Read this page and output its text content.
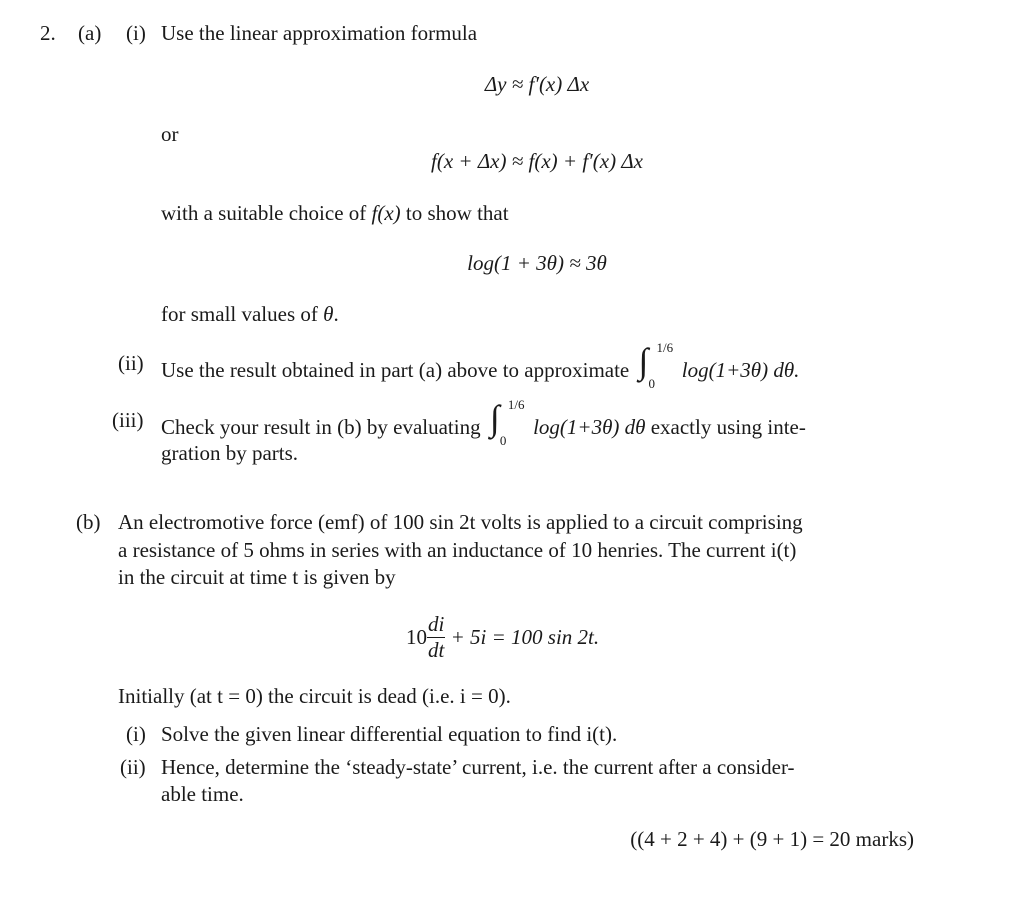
2. (a) (i) Use the linear approximation formula
Δy ≈ f′(x) Δx
or
f(x + Δx) ≈ f(x) + f′(x) Δx
with a suitable choice of f(x) to show that
log(1 + 3θ) ≈ 3θ
for small values of θ.
(ii) Use the result obtained in part (a) above to approximate ∫ 1/6
0
log(1+3θ) dθ.
(iii) Check your result in (b) by evaluating ∫ 1/6
0
log(1+3θ) dθ exactly using inte-
gration by parts.
(b) An electromotive force (emf) of 100 sin 2t volts is applied to a circuit comprising
a resistance of 5 ohms in series with an inductance of 10 henries. The current i(t)
in the circuit at time t is given by
$10 \frac{di}{dt} + 5i = 100$ sin 2t.
Initially (at t = 0) the circuit is dead (i.e. i = 0).
(i) Solve the given linear differential equation to find i(t).
(ii) Hence, determine the ‘steady-state’ current, i.e. the current after a consider-
able time.
((4 + 2 + 4) + (9 + 1) = 20 marks)
